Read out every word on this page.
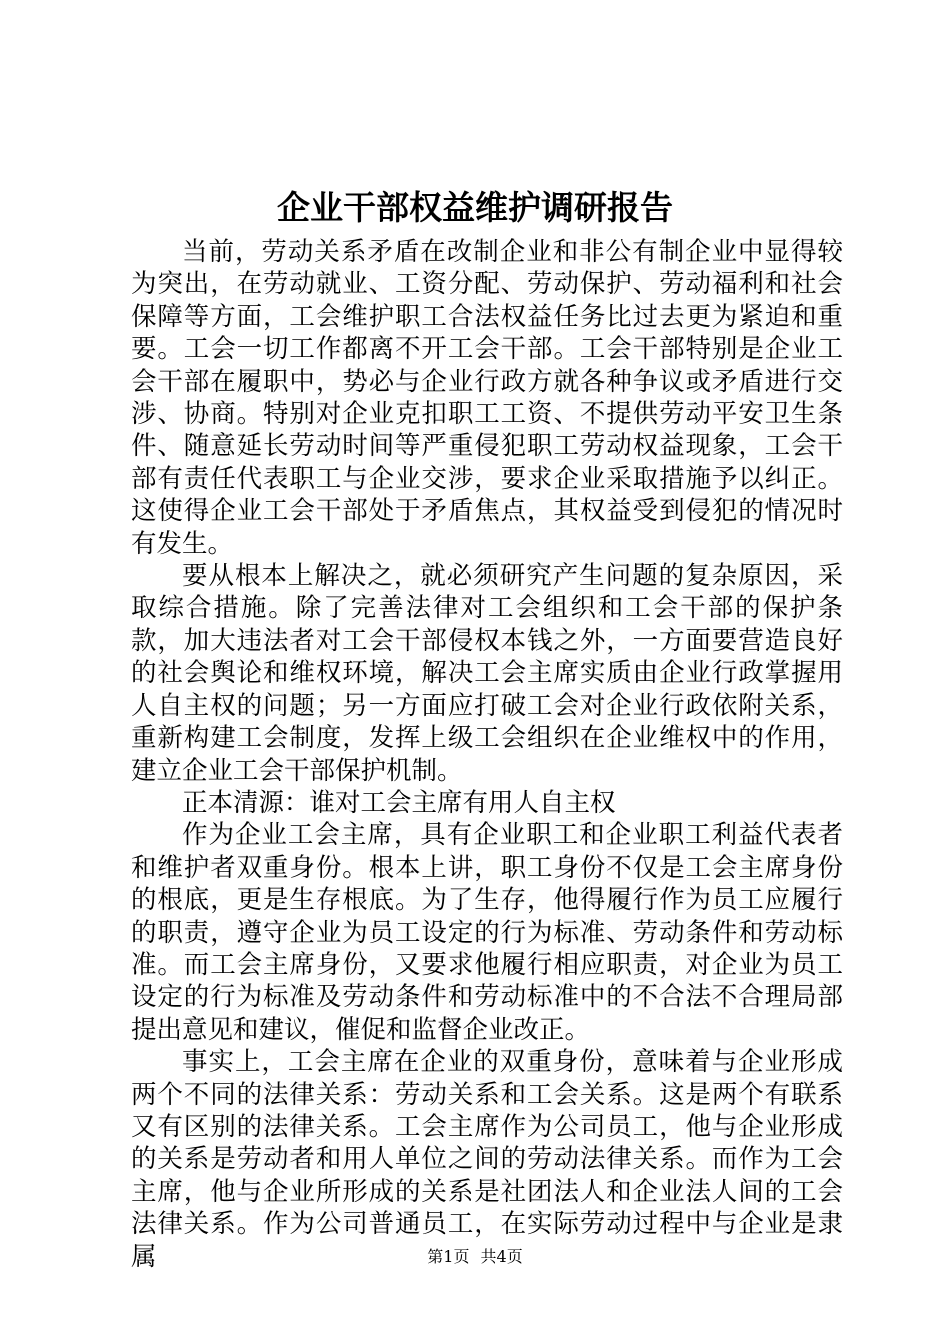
企业干部权益维护调研报告

当前，劳动关系矛盾在改制企业和非公有制企业中显得较为突出，在劳动就业、工资分配、劳动保护、劳动福利和社会保障等方面，工会维护职工合法权益任务比过去更为紧迫和重要。工会一切工作都离不开工会干部。工会干部特别是企业工会干部在履职中，势必与企业行政方就各种争议或矛盾进行交涉、协商。特别对企业克扣职工工资、不提供劳动平安卫生条件、随意延长劳动时间等严重侵犯职工劳动权益现象，工会干部有责任代表职工与企业交涉，要求企业采取措施予以纠正。这使得企业工会干部处于矛盾焦点，其权益受到侵犯的情况时有发生。

要从根本上解决之，就必须研究产生问题的复杂原因，采取综合措施。除了完善法律对工会组织和工会干部的保护条款，加大违法者对工会干部侵权本钱之外，一方面要营造良好的社会舆论和维权环境，解决工会主席实质由企业行政掌握用人自主权的问题；另一方面应打破工会对企业行政依附关系，重新构建工会制度，发挥上级工会组织在企业维权中的作用，建立企业工会干部保护机制。

正本清源：谁对工会主席有用人自主权

作为企业工会主席，具有企业职工和企业职工利益代表者和维护者双重身份。根本上讲，职工身份不仅是工会主席身份的根底，更是生存根底。为了生存，他得履行作为员工应履行的职责，遵守企业为员工设定的行为标准、劳动条件和劳动标准。而工会主席身份，又要求他履行相应职责，对企业为员工设定的行为标准及劳动条件和劳动标准中的不合法不合理局部提出意见和建议，催促和监督企业改正。

事实上，工会主席在企业的双重身份，意味着与企业形成两个不同的法律关系：劳动关系和工会关系。这是两个有联系又有区别的法律关系。工会主席作为公司员工，他与企业形成的关系是劳动者和用人单位之间的劳动法律关系。而作为工会主席，他与企业所形成的关系是社团法人和企业法人间的工会法律关系。作为公司普通员工，在实际劳动过程中与企业是隶属	第1页 共4页
